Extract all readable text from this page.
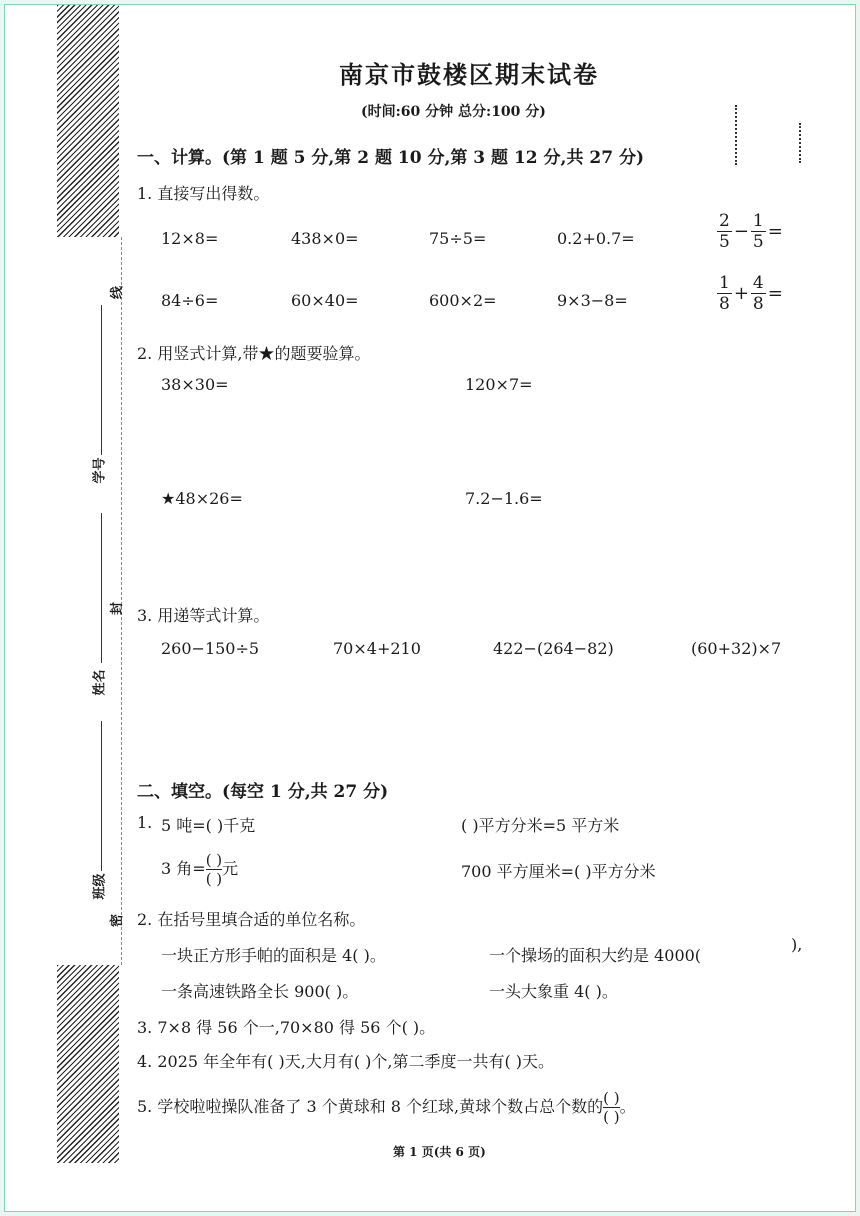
线
封
密
学号
姓名
班级
南京市鼓楼区期末试卷
(时间:60 分钟 总分:100 分)
一、计算。(第 1 题 5 分,第 2 题 10 分,第 3 题 12 分,共 27 分)
1. 直接写出得数。
12×8=	438×0=	75÷5=	0.2+0.7=	$\frac{2}{5} - \frac{1}{5}$ =
84÷6=	60×40=	600×2=	9×3−8=	$\frac{1}{8} + \frac{4}{8}$ =
2. 用竖式计算,带★的题要验算。
38×30=	120×7=
★48×26=	7.2−1.6=
3. 用递等式计算。
260−150÷5	70×4+210	422−(264−82)	(60+32)×7
二、填空。(每空 1 分,共 27 分)
1. 5 吨=( )千克	( )平方分米=5 平方米
3 角= $\frac{( )}{( )}$ 元	700 平方厘米=( )平方分米
2. 在括号里填合适的单位名称。
一块正方形手帕的面积是 4( )。	一个操场的面积大约是 4000(
),
一条高速铁路全长 900( )。	一头大象重 4( )。
3. 7×8 得 56 个一,70×80 得 56 个( )。
4. 2025 年全年有( )天,大月有( )个,第二季度一共有( )天。
5. 学校啦啦操队准备了 3 个黄球和 8 个红球,黄球个数占总个数的 $\frac{( )}{( )}$ 。
第 1 页(共 6 页)
